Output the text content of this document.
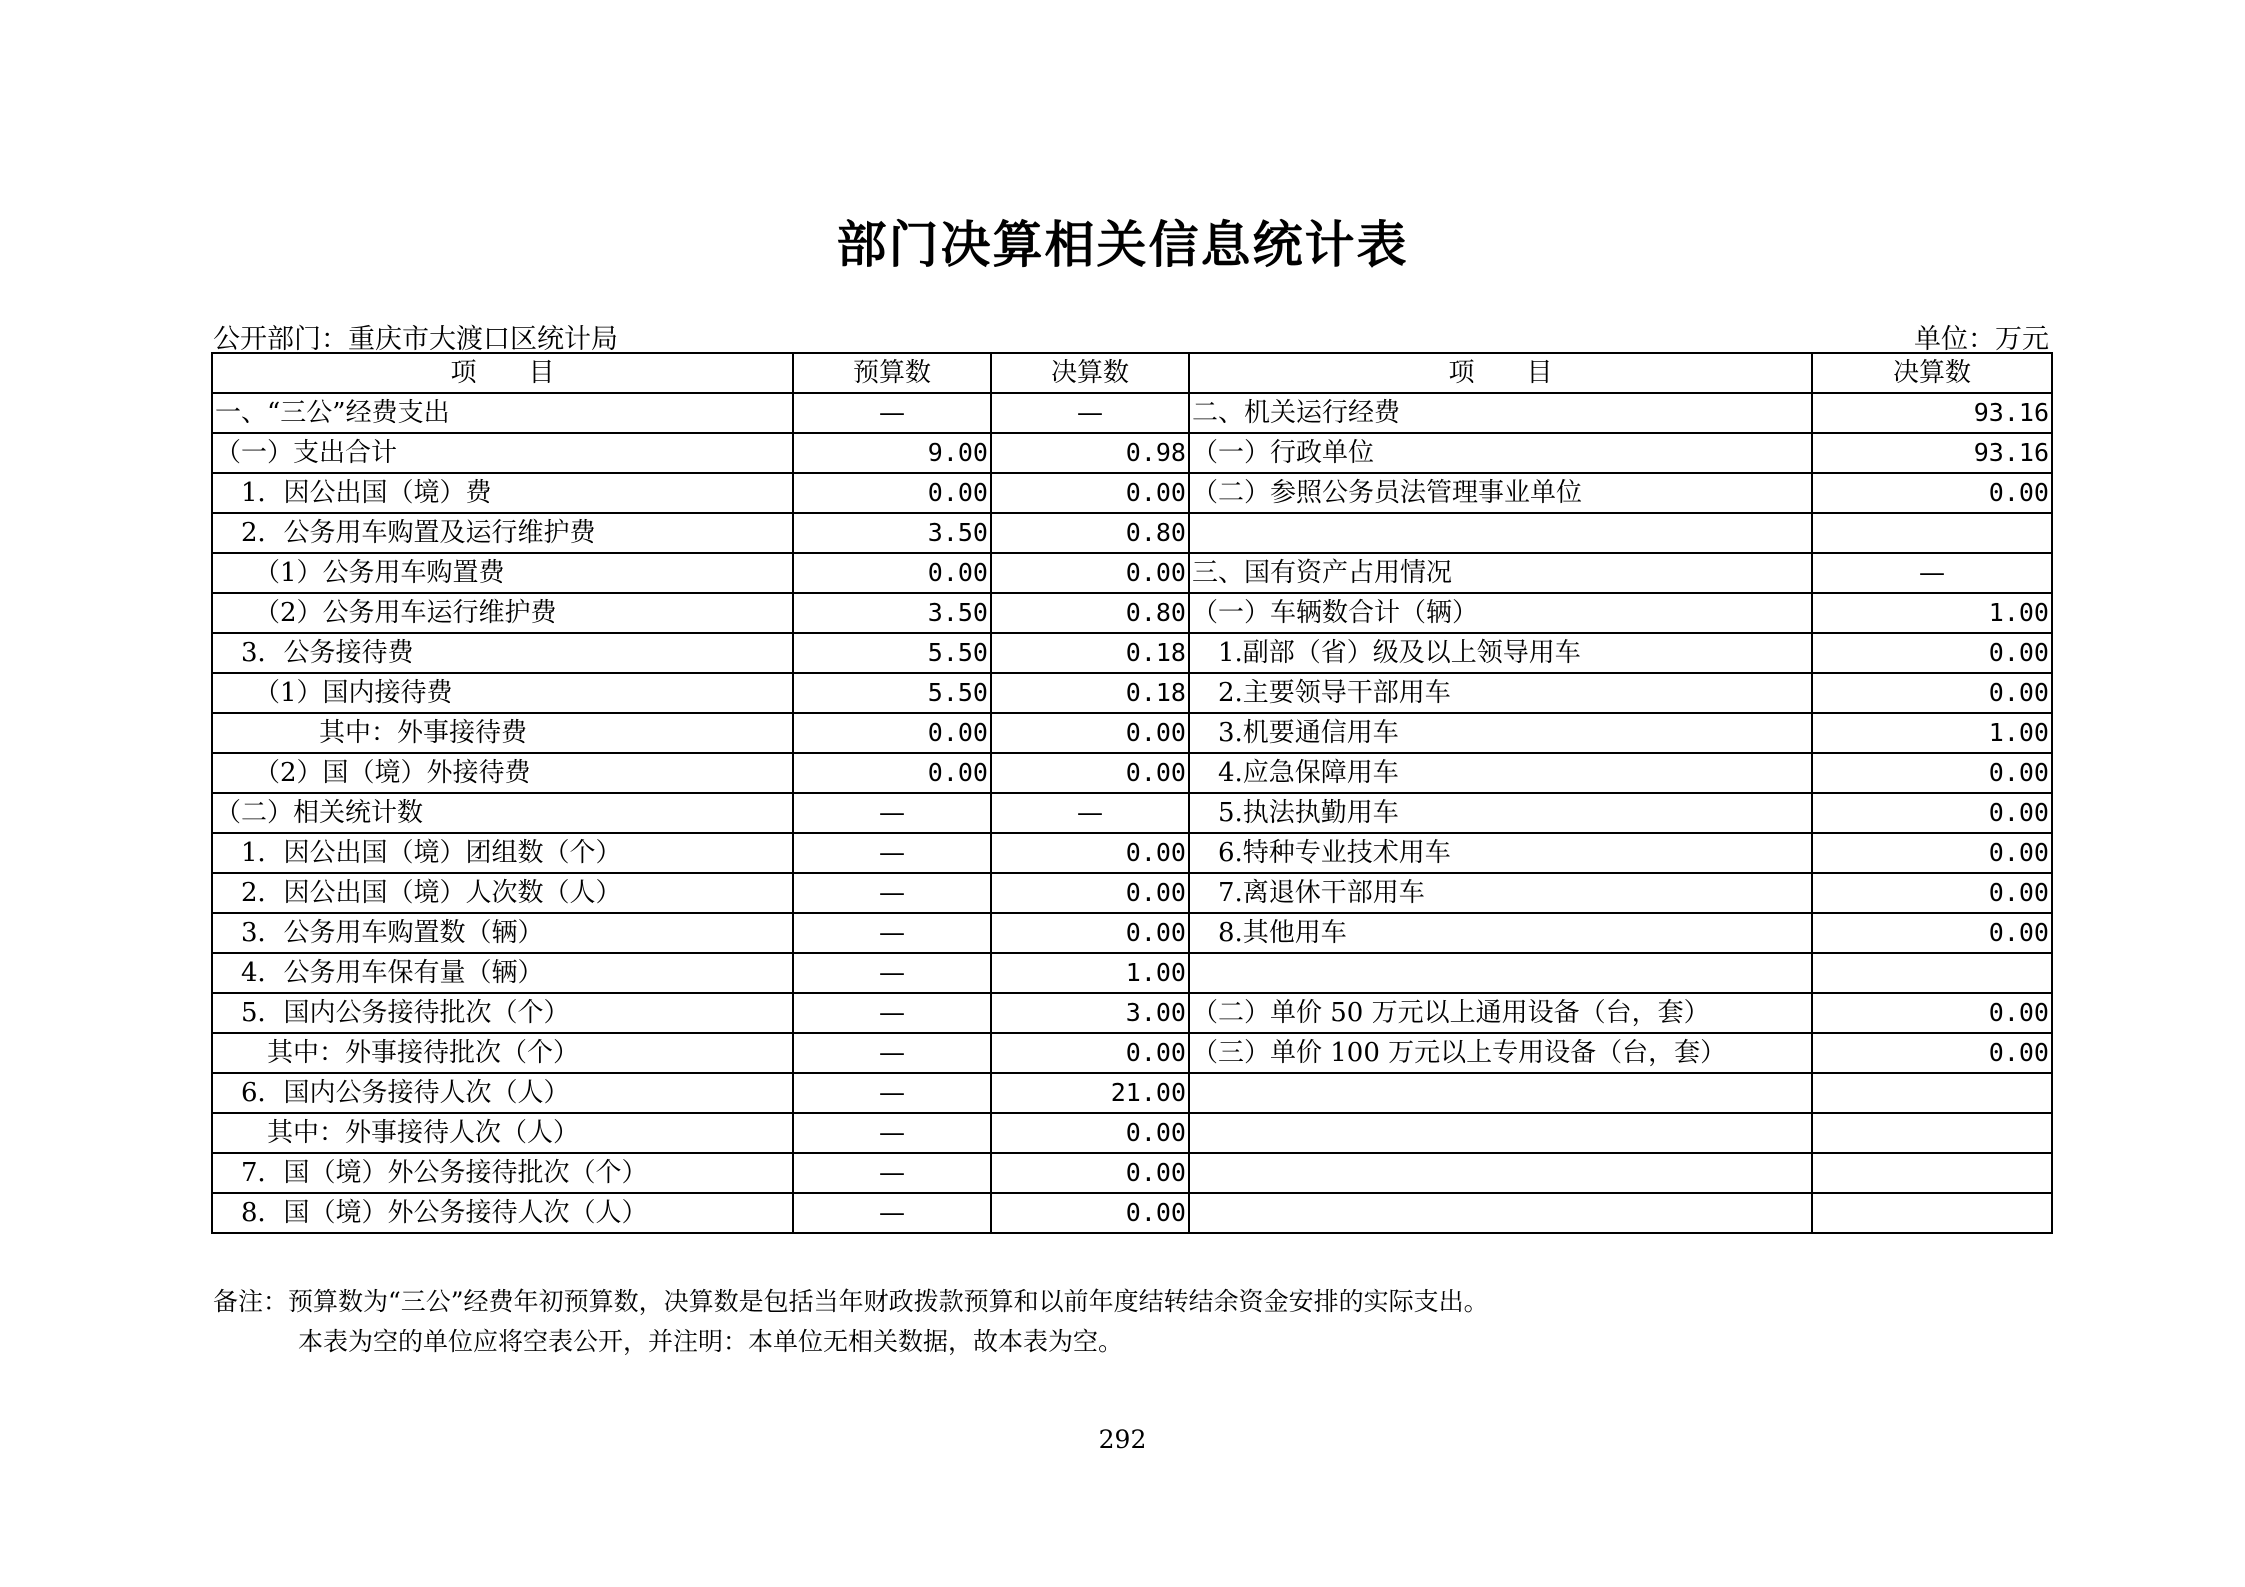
部门决算相关信息统计表
公开部门：重庆市大渡口区统计局	单位：万元
项　　目	预算数	决算数	项　　目	决算数
一、“三公”经费支出	—	—	二、机关运行经费	93.16
（一）支出合计	9.00	0.98	（一）行政单位	93.16
　1．因公出国（境）费	0.00	0.00	（二）参照公务员法管理事业单位	0.00
　2．公务用车购置及运行维护费	3.50	0.80		
　　（1）公务用车购置费	0.00	0.00	三、国有资产占用情况	—
　　（2）公务用车运行维护费	3.50	0.80	（一）车辆数合计（辆）	1.00
　3．公务接待费	5.50	0.18	　1.副部（省）级及以上领导用车	0.00
　　（1）国内接待费	5.50	0.18	　2.主要领导干部用车	0.00
　　　　其中：外事接待费	0.00	0.00	　3.机要通信用车	1.00
　　（2）国（境）外接待费	0.00	0.00	　4.应急保障用车	0.00
（二）相关统计数	—	—	　5.执法执勤用车	0.00
　1．因公出国（境）团组数（个）	—	0.00	　6.特种专业技术用车	0.00
　2．因公出国（境）人次数（人）	—	0.00	　7.离退休干部用车	0.00
　3．公务用车购置数（辆）	—	0.00	　8.其他用车	0.00
　4．公务用车保有量（辆）	—	1.00		
　5．国内公务接待批次（个）	—	3.00	（二）单价 50 万元以上通用设备（台，套）	0.00
　　其中：外事接待批次（个）	—	0.00	（三）单价 100 万元以上专用设备（台，套）	0.00
　6．国内公务接待人次（人）	—	21.00		
　　其中：外事接待人次（人）	—	0.00		
　7．国（境）外公务接待批次（个）	—	0.00		
　8．国（境）外公务接待人次（人）	—	0.00		
备注：预算数为“三公”经费年初预算数，决算数是包括当年财政拨款预算和以前年度结转结余资金安排的实际支出。
本表为空的单位应将空表公开，并注明：本单位无相关数据，故本表为空。
292
